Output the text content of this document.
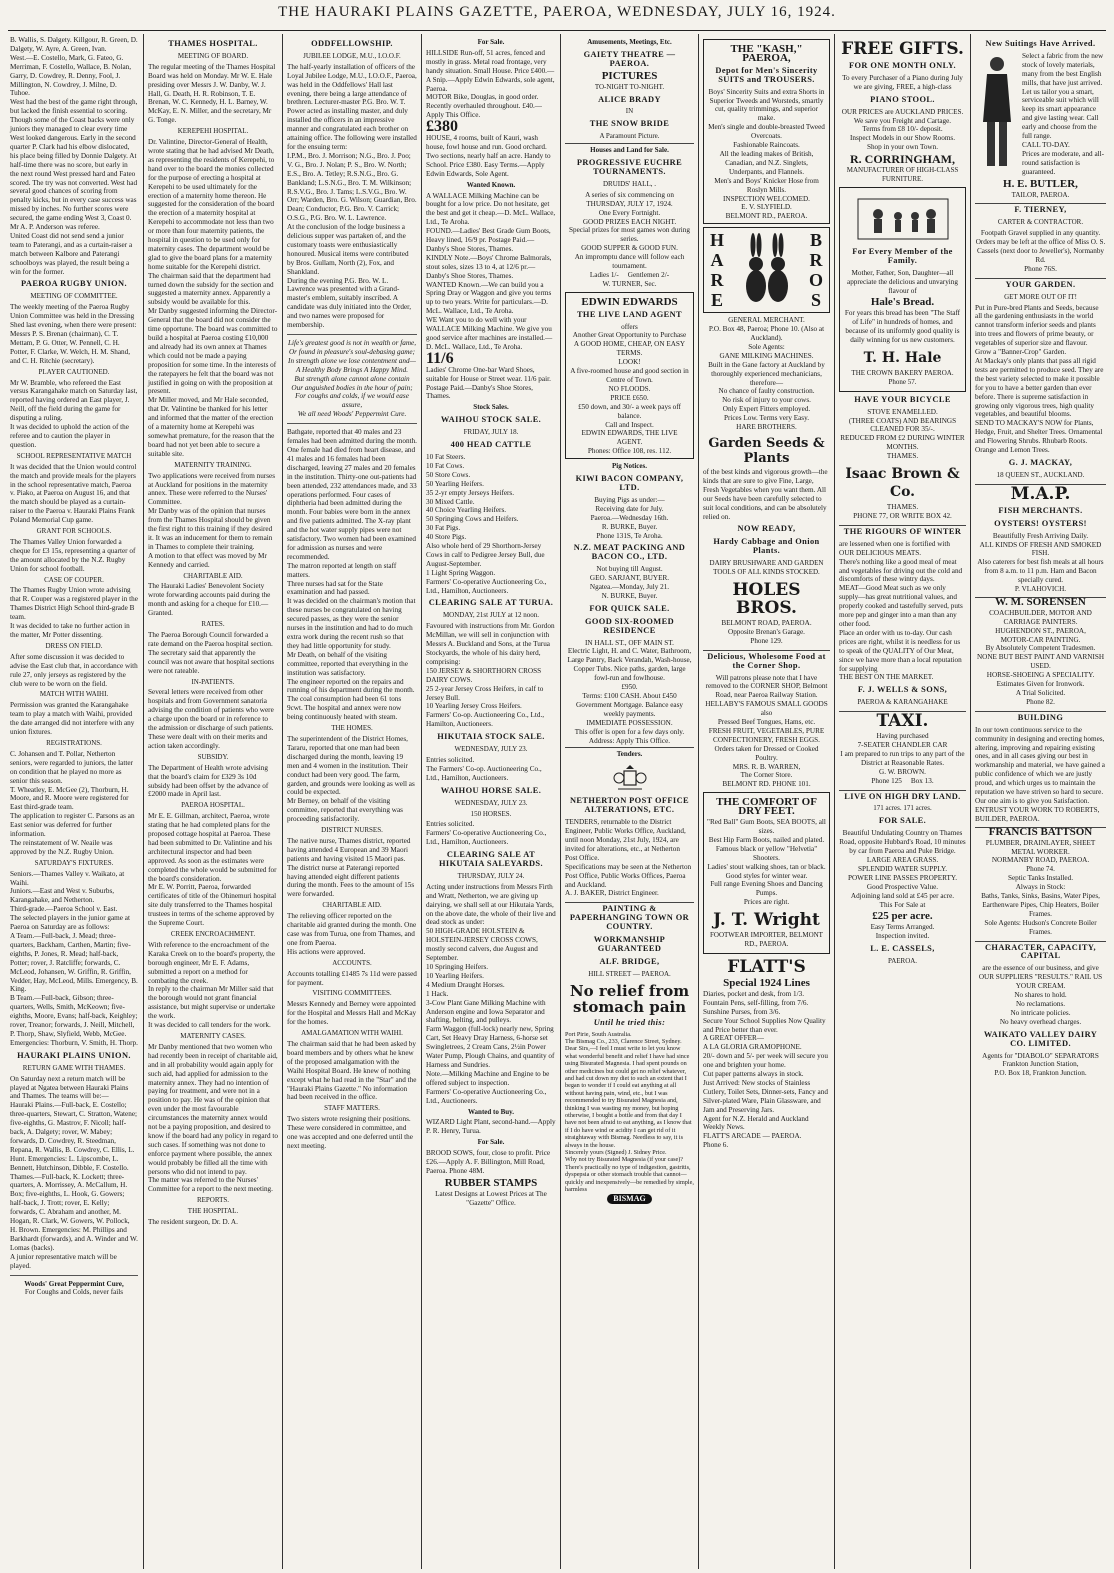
THE HAURAKI PLAINS GAZETTE, PAEROA, WEDNESDAY, JULY 16, 1924.
B. Wallis, S. Dalgety. Killgour, R. Green, D. Dalgety, W. Ayre, A. Green, Ivan.
West.—E. Costello, Mark, G. Fateo, G. Merriman, F. Costello, Wallace, B. Nolan, Garry, D. Cowdrey, R. Denny, Fool, J. Millington, N. Cowdrey, J. Milne, D. Tuhoe.
West had the best of the game right through, but lacked the finish essential to scoring. Though some of the Coast backs were only juniors they managed to clear every time West looked dangerous. Early in the second quarter P. Clark had his elbow dislocated, his place being filled by Donnie Dalgety. At half-time there was no score, but early in the next round West pressed hard and Fateo scored. The try was not converted. West had several good chances of scoring from penalty kicks, but in every case success was missed by inches. No further scores were secured, the game ending West 3, Coast 0. Mr A. P. Anderson was referee.
United Coast did not send send a junior team to Paterangi, and as a curtain-raiser a match between Kalbore and Paterangi schoolboys was played, the result being a win for the former.
PAEROA RUGBY UNION.
MEETING OF COMMITTEE.
The weekly meeting of the Paeroa Rugby Union Committee was held in the Dressing Shed last evening, when there were present: Messrs P. S. Brenan (chairman), C. T. Mettam, P. G. Otter, W. Pennell, C. H. Potter, F. Clarke, W. Welch, H. M. Shand, and C. H. Ritchie (secretary).
PLAYER CAUTIONED.
Mr W. Bramble, who refereed the East versus Karangahake match on Saturday last, reported having ordered an East player, J. Neill, off the field during the game for disputing a ruling.
It was decided to uphold the action of the referee and to caution the player in question.
SCHOOL REPRESENTATIVE MATCH
It was decided that the Union would control the match and provide meals for the players in the school representative match, Paeroa v. Piako, at Paeroa on August 16, and that the match should be played as a curtain-raiser to the Paeroa v. Hauraki Plains Frank Poland Memorial Cup game.
GRANT FOR SCHOOLS.
The Thames Valley Union forwarded a cheque for £3 15s, representing a quarter of the amount allocated by the N.Z. Rugby Union for school football.
CASE OF COUPER.
The Thames Rugby Union wrote advising that R. Couper was a registered player in the Thames District High School third-grade B team.
It was decided to take no further action in the matter, Mr Potter dissenting.
DRESS ON FIELD.
After some discussion it was decided to advise the East club that, in accordance with rule 27, only jerseys as registered by the club were to be worn on the field.
MATCH WITH WAIHI.
Permission was granted the Karangahake team to play a match with Waihi, provided the date arranged did not interfere with any union fixtures.
REGISTRATIONS.
C. Johansen and T. Pollar, Netherton seniors, were regarded to juniors, the latter on condition that he played no more as senior this season.
T. Wheatley, E. McGee (2), Thorburn, H. Moore, and R. Moore were registered for East third-grade team.
The application to register C. Parsons as an East senior was deferred for further information.
The reinstatement of W. Neaile was approved by the N.Z. Rugby Union.
SATURDAY'S FIXTURES.
Seniors.—Thames Valley v. Waikato, at Waihi.
Juniors.—East and West v. Suburbs, Karangahake, and Netherton.
Third-grade.—Paeroa School v. East.
The selected players in the junior game at Paeroa on Saturday are as follows:
A Team.—Full-back, J. Mead; three-quarters, Backham, Carthen, Martin; five-eighths, P. Jones, R. Mead; half-back, Potter; rover, J. Ratcliffe; forwards, C. McLeod, Johansen, W. Griffin, R. Griffin, Vedder, Hay, McLeod, Mills. Emergency, B. King.
B Team.—Full-back, Gibson; three-quarters, Wells, Smith, McKeown; five-eighths, Moore, Evans; half-back, Keighley; rover, Treanor; forwards, J. Neill, Mitchell, P. Thorp, Shaw, Slyfield, Webb, McGee. Emergencies: Thorburn, V. Smith, H. Thorp.
HAURAKI PLAINS UNION.
RETURN GAME WITH THAMES.
On Saturday next a return match will be played at Ngatea between Hauraki Plains and Thames. The teams will be:—
Hauraki Plains.—Full-back, E. Costello; three-quarters, Stewart, C. Stratton, Watene; five-eighths, G. Mastrov, F. Nicoll; half-back, A. Dalgety; rover, W. Mabey; forwards, D. Cowdrey, R. Steedman, Repana, R. Wallis, B. Cowdrey, C. Ellis, L. Hunt. Emergencies: L. Lipscombe, L. Bennett, Hutchinson, Dibble, F. Costello.
Thames.—Full-back, K. Lockett; three-quarters, A. Morrissey, A. McCallum, H. Box; five-eighths, L. Hook, G. Gowers; half-back, J. Trott; rover, E. Kelly; forwards, C. Abraham and another, M. Hogan, R. Clark, W. Gowers, W. Pollock, H. Brown. Emergencies: M. Phillips and Barkhardt (forwards), and A. Winder and W. Lomas (backs).
A junior representative match will be played.
Woods' Great Peppermint Cure,
For Coughs and Colds, never fails
THAMES HOSPITAL.
MEETING OF BOARD.
The regular meeting of the Thames Hospital Board was held on Monday. Mr W. E. Hale presiding over Messrs J. W. Danby, W. J. Hall, G. Death, H. R. Robinson, T. E. Brenan, W. C. Kennedy, H. L. Barney, W. McKay, E. N. Miller, and the secretary, Mr G. Tonge.
KEREPEHI HOSPITAL.
Dr. Valintine, Director-General of Health, wrote stating that he had advised Mr Death, as representing the residents of Kerepehi, to hand over to the board the monies collected for the purpose of erecting a hospital at Kerepehi to be used ultimately for the erection of a maternity home thereon. He suggested for the consideration of the board the erection of a maternity hospital at Kerepehi to accommodate not less than two or more than four maternity patients, the hospital in question to be used only for maternity cases. The department would be glad to give the board plans for a maternity home suitable for the Kerepehi district.
The chairman said that the department had turned down the subsidy for the section and suggested a maternity annex. Apparently a subsidy would be available for this.
Mr Danby suggested informing the Director-General that the board did not consider the time opportune. The board was committed to build a hospital at Paeroa costing £10,000 and already had its own annex at Thames which could not be made a paying proposition for some time. In the interests of the ratepayers he felt that the board was not justified in going on with the proposition at present.
Mr Miller moved, and Mr Hale seconded, that Dr. Valintine be thanked for his letter and informed that the matter of the erection of a maternity home at Kerepehi was somewhat premature, for the reason that the board had not yet been able to secure a suitable site.
MATERNITY TRAINING.
Two applications were received from nurses at Auckland for positions in the maternity annex. These were referred to the Nurses' Committee.
Mr Danby was of the opinion that nurses from the Thames Hospital should be given the first right to this training if they desired it. It was an inducement for them to remain in Thames to complete their training.
A motion to that effect was moved by Mr Kennedy and carried.
CHARITABLE AID.
The Hauraki Ladies' Benevolent Society wrote forwarding accounts paid during the month and asking for a cheque for £10.—Granted.
RATES.
The Paeroa Borough Council forwarded a rate demand on the Paeroa hospital section.
The secretary said that apparently the council was not aware that hospital sections were not rateable.
IN-PATIENTS.
Several letters were received from other hospitals and from Government sanatoria advising the condition of patients who were a charge upon the board or in reference to the admission or discharge of such patients. These were dealt with on their merits and action taken accordingly.
SUBSIDY.
The Department of Health wrote advising that the board's claim for £329 3s 10d subsidy had been offset by the advance of £2000 made in April last.
PAEROA HOSPITAL.
Mr E. E. Gillman, architect, Paeroa, wrote stating that he had completed plans for the proposed cottage hospital at Paeroa. These had been submitted to Dr. Valintine and his architectural inspector and had been approved. As soon as the estimates were completed the whole would be submitted for the board's consideration.
Mr E. W. Porritt, Paeroa, forwarded certificates of title of the Ohinemuri hospital site duly transferred to the Thames hospital trustees in terms of the scheme approved by the Supreme Court.
CREEK ENCROACHMENT.
With reference to the encroachment of the Karaka Creek on to the board's property, the borough engineer, Mr E. F. Adams, submitted a report on a method for combating the creek.
In reply to the chairman Mr Miller said that the borough would not grant financial assistance, but might supervise or undertake the work.
It was decided to call tenders for the work.
MATERNITY CASES.
Mr Danby mentioned that two women who had recently been in receipt of charitable aid, and in all probability would again apply for such aid, had applied for admission to the maternity annex. They had no intention of paying for treatment, and were not in a position to pay. He was of the opinion that even under the most favourable circumstances the maternity annex would not be a paying proposition, and desired to know if the board had any policy in regard to such cases. If something was not done to enforce payment where possible, the annex would probably be filled all the time with persons who did not intend to pay.
The matter was referred to the Nurses' Committee for a report to the next meeting.
REPORTS.
THE HOSPITAL.
The resident surgeon, Dr. D. A.
ODDFELLOWSHIP.
JUBILEE LODGE, M.U., I.O.O.F.
The half-yearly installation of officers of the Loyal Jubilee Lodge, M.U., I.O.O.F., Paeroa, was held in the Oddfellows' Hall last evening, there being a large attendance of brethren. Lecturer-master P.G. Bro. W. T. Power acted as installing master, and duly installed the officers in an impressive manner and congratulated each brother on attaining office. The following were installed for the ensuing term:
I.P.M., Bro. J. Morrison; N.G., Bro. J. Poo; V. G., Bro. J. Nolan; P. S., Bro. W. North; E.S., Bro. A. Tetley; R.S.N.G., Bro. G. Bankland; L.S.N.G., Bro. T. M. Wilkinson; R.S.V.G., Bro. J. Tams; L.S.V.G., Bro. W. Orr; Warden, Bro. G. Wilson; Guardian, Bro. Dean; Conductor, P.G. Bro. V. Carrick; O.S.G., P.G. Bro. W. L. Lawrence.
At the conclusion of the lodge business a delicious supper was partaken of, and the customary toasts were enthusiastically honoured. Musical items were contributed by Bros. Gullam, North (2), Fox, and Shankland.
During the evening P.G. Bro. W. L. Lawrence was presented with a Grand-master's emblem, suitably inscribed. A candidate was duly initiated into the Order, and two names were proposed for membership.
Life's greatest good is not in wealth or fame,
Or found in pleasure's soul-debasing game;
In strength alone we lose contentment and—
A Healthy Body Brings A Happy Mind.
But strength alone cannot alone contain
Our anguished bodies in the hour of pain;
For coughs and colds, if we would ease assure,
We all need Woods' Peppermint Cure.
Bathgate, reported that 40 males and 23 females had been admitted during the month. One female had died from heart disease, and 41 males and 16 females had been discharged, leaving 27 males and 20 females in the institution. Thirty-one out-patients had been attended, 232 attendances made, and 33 operations performed. Four cases of diphtheria had been admitted during the month. Four babies were born in the annex and five patients admitted. The X-ray plant and the hot water supply pipes were not satisfactory. Two women had been examined for admission as nurses and were recommended.
The matron reported at length on staff matters.
Three nurses had sat for the State examination and had passed.
It was decided on the chairman's motion that these nurses be congratulated on having secured passes, as they were the senior nurses in the institution and had to do much extra work during the recent rush so that they had little opportunity for study.
Mr Death, on behalf of the visiting committee, reported that everything in the institution was satisfactory.
The engineer reported on the repairs and running of his department during the month. The coal consumption had been 61 tons 9cwt. The hospital and annex were now being continuously heated with steam.
THE HOMES.
The superintendent of the District Homes, Tararu, reported that one man had been discharged during the month, leaving 19 men and 4 women in the institution. Their conduct had been very good. The farm, garden, and grounds were looking as well as could be expected.
Mr Berney, on behalf of the visiting committee, reported that everything was proceeding satisfactorily.
DISTRICT NURSES.
The native nurse, Thames district, reported having attended 4 European and 39 Maori patients and having visited 15 Maori pas.
The district nurse at Paterangi reported having attended eight different patients during the month. Fees to the amount of 15s were forwarded.
CHARITABLE AID.
The relieving officer reported on the charitable aid granted during the month. One case was from Turua, one from Thames, and one from Paeroa.
His actions were approved.
ACCOUNTS.
Accounts totalling £1485 7s 11d were passed for payment.
VISITING COMMITTEES.
Messrs Kennedy and Berney were appointed for the Hospital and Messrs Hall and McKay for the homes.
AMALGAMATION WITH WAIHI.
The chairman said that he had been asked by board members and by others what he knew of the proposed amalgamation with the Waihi Hospital Board. He knew of nothing except what he had read in the "Star" and the "Hauraki Plains Gazette." No information had been received in the office.
STAFF MATTERS.
Two sisters wrote resigning their positions. These were considered in committee, and one was accepted and one deferred until the next meeting.
For Sale.
HILLSIDE Run-off, 51 acres, fenced and mostly in grass. Metal road frontage, very handy situation. Small House. Price £400.—A Snip.—Apply Edwin Edwards, sole agent, Paeroa.
MOTOR Bike, Douglas, in good order. Recently overhauled throughout. £40.—Apply This Office.
£380
HOUSE, 4 rooms, built of Kauri, wash house, fowl house and run. Good orchard. Two sections, nearly half an acre. Handy to School. Price £380. Easy Terms.—Apply Edwin Edwards, Sole Agent.
Wanted Known.
A WALLACE Milking Machine can be bought for a low price. Do not hesitate, get the best and get it cheap.—D. McL. Wallace, Ltd., Te Aroha.
FOUND.—Ladies' Best Grade Gum Boots, Heavy lined, 16/9 pr. Postage Paid.—Danby's Shoe Stores, Thames.
KINDLY Note.—Boys' Chrome Balmorals, stout soles, sizes 13 to 4, at 12/6 pr.—Danby's Shoe Stores, Thames.
WANTED Known.—We can build you a Spring Dray or Waggon and give you terms up to two years. Write for particulars.—D. McL. Wallace, Ltd., Te Aroha.
WE Want you to do well with your WALLACE Milking Machine. We give you good service after machines are installed.—D. McL. Wallace, Ltd., Te Aroha.
11/6
Ladies' Chrome One-bar Ward Shoes, suitable for House or Street wear. 11/6 pair. Postage Paid.—Danby's Shoe Stores, Thames.
Stock Sales.
WAIHOU STOCK SALE.
FRIDAY, JULY 18.
400 HEAD CATTLE
10 Fat Steers.
10 Fat Cows.
50 Store Cows.
50 Yearling Heifers.
35 2-yr empty Jerseys Heifers.
30 Mixed Cattle.
40 Choice Yearling Heifers.
50 Springing Cows and Heifers.
30 Fat Pigs.
40 Store Pigs.
Also whole herd of 29 Shorthorn-Jersey Cows in calf to Pedigree Jersey Bull, due August-September.
1 Light Spring Waggon.
Farmers' Co-operative Auctioneering Co., Ltd., Hamilton, Auctioneers.
CLEARING SALE AT TURUA.
MONDAY, 21st JULY at 12 noon.
Favoured with instructions from Mr. Gordon McMillan, we will sell in conjunction with Messrs A. Buckland and Sons, at the Turua Stockyards, the whole of his dairy herd, comprising:
150 JERSEY & SHORTHORN CROSS DAIRY COWS.
25 2-year Jersey Cross Heifers, in calf to Jersey Bull.
10 Yearling Jersey Cross Heifers.
Farmers' Co-op. Auctioneering Co., Ltd., Hamilton, Auctioneers.
HIKUTAIA STOCK SALE.
WEDNESDAY, JULY 23.
Entries solicited.
The Farmers' Co-op. Auctioneering Co., Ltd., Hamilton, Auctioneers.
WAIHOU HORSE SALE.
WEDNESDAY, JULY 23.
150 HORSES.
Entries solicited.
Farmers' Co-operative Auctioneering Co., Ltd., Hamilton, Auctioneers.
CLEARING SALE AT HIKUTAIA SALEYARDS.
THURSDAY, JULY 24.
Acting under instructions from Messrs Firth and Wratt, Netherton, we are giving up dairying, we shall sell at our Hikutaia Yards, on the above date, the whole of their live and dead stock as under:
50 HIGH-GRADE HOLSTEIN & HOLSTEIN-JERSEY CROSS COWS, mostly second calvers, due August and September.
10 Springing Heifers.
10 Yearling Heifers.
4 Medium Draught Horses.
1 Hack.
3-Cow Plant Gane Milking Machine with Anderson engine and Iowa Separator and shafting, belting, and pulleys.
Farm Waggon (full-lock) nearly new, Spring Cart, Set Heavy Dray Harness, 6-horse set Swingletrees, 2 Cream Cans, 2½in Power Water Pump, Plough Chains, and quantity of Harness and Sundries.
Note.—Milking Machine and Engine to be offered subject to inspection.
Farmers' Co-operative Auctioneering Co., Ltd., Auctioneers.
Wanted to Buy.
WIZARD Light Plant, second-hand.—Apply P. R. Henry, Turua.
For Sale.
BROOD SOWS, four, close to profit. Price £26.—Apply A. F. Billington, Mill Road, Paeroa. Phone 48M.
RUBBER STAMPS
Latest Designs at Lowest Prices at The "Gazette" Office.
Amusements, Meetings, Etc.
GAIETY THEATRE — PAEROA.
PICTURES
TO-NIGHT TO-NIGHT.
ALICE BRADY
IN
THE SNOW BRIDE
A Paramount Picture.
Houses and Land for Sale.
PROGRESSIVE EUCHRE TOURNAMENTS.
DRUIDS' HALL, .
A series of six commencing on THURSDAY, JULY 17, 1924.
One Every Fortnight.
GOOD PRIZES EACH NIGHT.
Special prizes for most games won during series.
GOOD SUPPER & GOOD FUN.
An impromptu dance will follow each tournament.
Ladies 1/-     Gentlemen 2/-
W. TURNER, Sec.
EDWIN EDWARDS
THE LIVE LAND AGENT
offers
Another Great Opportunity to Purchase
A GOOD HOME, CHEAP, ON EASY TERMS.
LOOK!
A five-roomed house and good section in Centre of Town.
NO FLOODS.
PRICE £650.
£50 down, and 30/- a week pays off balance.
Call and Inspect.
EDWIN EDWARDS, THE LIVE AGENT.
Phones: Office 108, res. 112.
Pig Notices.
KIWI BACON COMPANY, LTD.
Buying Pigs as under:—
Receiving date for July.
Paeroa.—Wednesday 16th.
R. BURKE, Buyer.
Phone 131S, Te Aroha.
N.Z. MEAT PACKING AND BACON CO., LTD.
Not buying till August.
GEO. SARJANT, BUYER.
Ngatea.—Monday, July 21.
N. BURKE, Buyer.
FOR QUICK SALE.
GOOD SIX-ROOMED RESIDENCE
IN HALL ST., OFF MAIN ST.
Electric Light, H. and C. Water, Bathroom, Large Pantry, Back Verandah, Wash-house, Copper Tubs. Nice paths, garden, large fowl-run and fowlhouse.
£950.
Terms: £100 CASH. About £450 Government Mortgage. Balance easy weekly payments.
IMMEDIATE POSSESSION.
This offer is open for a few days only.
Address: Apply This Office.
Tenders.
NETHERTON POST OFFICE ALTERATIONS, ETC.
TENDERS, returnable to the District Engineer, Public Works Office, Auckland, until noon Monday, 21st July, 1924, are invited for alterations, etc., at Netherton Post Office.
Specifications may be seen at the Netherton Post Office, Public Works Offices, Paeroa and Auckland.
A. J. BAKER, District Engineer.
PAINTING & PAPERHANGING TOWN OR COUNTRY.
WORKMANSHIP GUARANTEED
ALF. BRIDGE,
HILL STREET — PAEROA.
No relief from stomach pain
Until he tried this:
Port Pirie, South Australia.
The Bismag Co., 233, Clarence Street, Sydney.
Dear Sirs,—I feel I must write to let you know what wonderful benefit and relief I have had since using Bisurated Magnesia. I had spent pounds on other medicines but could get no relief whatever, and had cut down my diet to such an extent that I began to wonder if I could eat anything at all without having pain, wind, etc., but I was recommended to try Bisurated Magnesia and, thinking I was wasting my money, but hoping otherwise, I bought a bottle and from that day I have not been afraid to eat anything, as I know that if I do have wind or acidity I can get rid of it straightaway with Bismag. Needless to say, it is always in the house.
Sincerely yours (Signed) J. Sidney Price.
Why not try Bisurated Magnesia (if your case)? There's practically no type of indigestion, gastritis, dyspepsia or other stomach trouble that cannot—quickly and inexpensively—be remedied by simple, harmless
BISMAG
THE "KASH," PAEROA,
Depot for Men's Sincerity SUITS and TROUSERS.
Boys' Sincerity Suits and extra Shorts in Superior Tweeds and Worsteds, smartly cut, quality trimmings, and superior make.
Men's single and double-breasted Tweed Overcoats.
Fashionable Raincoats.
All the leading makes of British, Canadian, and N.Z. Singlets, Underpants, and Flannels.
Men's and Boys' Knicker Hose from Roslyn Mills.
INSPECTION WELCOMED.
E. V. SLYFIELD.
BELMONT RD., PAEROA.
HARE
BROS
GENERAL MERCHANT.
P.O. Box 48, Paeroa; Phone 10. (Also at Auckland).
Sole Agents:
GANE MILKING MACHINES.
Built in the Gane factory at Auckland by thoroughly experienced mechanicians, therefore—
No chance of faulty construction.
No risk of injury to your cows.
Only Expert Fitters employed.
Prices Low. Terms very Easy.
HARE BROTHERS.
Garden Seeds & Plants
of the best kinds and vigorous growth—the kinds that are sure to give Fine, Large, Fresh Vegetables when you want them. All our Seeds have been carefully selected to suit local conditions, and can be absolutely relied on.
NOW READY,
Hardy Cabbage and Onion Plants.
DAIRY BRUSHWARE AND GARDEN TOOLS OF ALL KINDS STOCKED.
HOLES BROS.
BELMONT ROAD, PAEROA.
Opposite Brenan's Garage.
Phone 129.
Delicious, Wholesome Food at the Corner Shop.
Will patrons please note that I have removed to the CORNER SHOP, Belmont Road, near Paeroa Railway Station.
HELLABY'S FAMOUS SMALL GOODS also
Pressed Beef Tongues, Hams, etc.
FRESH FRUIT, VEGETABLES, PURE CONFECTIONERY, FRESH EGGS.
Orders taken for Dressed or Cooked Poultry.
MRS. R. B. WARREN,
The Corner Store.
BELMONT RD. PHONE 101.
THE COMFORT OF DRY FEET.
"Red Ball" Gum Boots, SEA BOOTS, all sizes.
Best Hip Farm Boots, nailed and plated.
Famous black or yellow "Helvetia" Shooters.
Ladies' stout walking shoes, tan or black.
Good styles for winter wear.
Full range Evening Shoes and Dancing Pumps.
Prices are right.
J. T. Wright
FOOTWEAR IMPORTER, BELMONT RD., PAEROA.
FLATT'S
Special 1924 Lines
Diaries, pocket and desk, from 1/3.
Fountain Pens, self-filling, from 7/6.
Sunshine Purses, from 3/6.
Secure Your School Supplies Now Quality and Price better than ever.
A GREAT OFFER—
A LA GLORIA GRAMOPHONE.
20/- down and 5/- per week will secure you one and brighten your home.
Cut paper patterns always in stock.
Just Arrived: New stocks of Stainless Cutlery, Toilet Sets, Dinner-sets, Fancy and Silver-plated Ware, Plain Glassware, and Jam and Preserving Jars.
Agent for N.Z. Herald and Auckland Weekly News.
FLATT'S ARCADE — PAEROA.
Phone 6.
FREE GIFTS.
FOR ONE MONTH ONLY.
To every Purchaser of a Piano during July we are giving, FREE, a high-class
PIANO STOOL.
OUR PRICES are AUCKLAND PRICES.
We save you Freight and Cartage.
Terms from £8 10/- deposit.
Inspect Models in our Show Rooms.
Shop in your own Town.
R. CORRINGHAM,
MANUFACTURER OF HIGH-CLASS FURNITURE.
For Every Member of the Family.
Mother, Father, Son, Daughter—all appreciate the delicious and unvarying flavour of
Hale's Bread.
For years this bread has been "The Staff of Life" in hundreds of homes, and because of its uniformly good quality is daily winning for us new customers.
T. H. Hale
THE CROWN BAKERY PAEROA. Phone 57.
HAVE YOUR BICYCLE
STOVE ENAMELLED.
(THREE COATS) AND BEARINGS CLEANED FOR 35/-.
REDUCED FROM £2 DURING WINTER MONTHS.
THAMES.
Isaac Brown & Co.
THAMES.
PHONE 77, OR WRITE BOX 42.
THE RIGOURS OF WINTER
are lessened when one is fortified with OUR DELICIOUS MEATS.
There's nothing like a good meal of meat and vegetables for driving out the cold and discomforts of these wintry days.
MEAT—Good Meat such as we only supply—has great nutritional values, and properly cooked and tastefully served, puts more pep and ginger into a man than any other food.
Place an order with us to-day. Our cash prices are right, whilst it is needless for us to speak of the QUALITY of Our Meat, since we have more than a local reputation for supplying
THE BEST ON THE MARKET.
F. J. WELLS & SONS,
PAEROA & KARANGAHAKE
TAXI.
Having purchased
7-SEATER CHANDLER CAR
I am prepared to run trips to any part of the District at Reasonable Rates.
G. W. BROWN.
Phone 125     Box 13.
LIVE ON HIGH DRY LAND.
171 acres. 171 acres.
FOR SALE.
Beautiful Undulating Country on Thames Road, opposite Hubbard's Road, 10 minutes by car from Paeroa and Puke Bridge.
LARGE AREA GRASS.
SPLENDID WATER SUPPLY.
POWER LINE PASSES PROPERTY.
Good Prospective Value.
Adjoining land sold at £45 per acre.
This For Sale at
£25 per acre.
Easy Terms Arranged.
Inspection invited.
L. E. CASSELS,
PAEROA.
New Suitings Have Arrived.
Select a fabric from the new stock of lovely materials, many from the best English mills, that have just arrived.
Let us tailor you a smart, serviceable suit which will keep its smart appearance and give lasting wear. Call early and choose from the full range.
CALL TO-DAY.
Prices are moderate, and all-round satisfaction is guaranteed.
H. E. BUTLER,
TAILOR, PAEROA.
F. TIERNEY,
CARTER & CONTRACTOR.
Footpath Gravel supplied in any quantity.
Orders may be left at the office of Miss O. S. Cassels (next door to Jeweller's), Normanby Rd.
Phone 76S.
YOUR GARDEN.
GET MORE OUT OF IT!
Put in Pure-bred Plants and Seeds, because all the gardening enthusiasts in the world cannot transform inferior seeds and plants into trees and flowers of prime beauty, or vegetables of superior size and flavour.
Grow a "Banner-Crop" Garden.
At Mackay's only plants that pass all rigid tests are permitted to produce seed. They are the best variety selected to make it possible for you to have a better garden than ever before. There is supreme satisfaction in growing only vigorous trees, high quality vegetables, and beautiful blooms.
SEND TO MACKAY'S NOW for Plants, Hedge, Fruit, and Shelter Trees. Ornamental and Flowering Shrubs. Rhubarb Roots. Orange and Lemon Trees.
G. J. MACKAY,
18 QUEEN ST., AUCKLAND.
M.A.P.
FISH MERCHANTS.
OYSTERS! OYSTERS!
Beautifully Fresh Arriving Daily.
ALL KINDS OF FRESH AND SMOKED FISH.
Also caterers for best fish meals at all hours from 8 a.m. to 11 p.m. Ham and Bacon specially cured.
P. VLAHOVICH.
W. M. SORENSEN
COACHBUILDER, MOTOR AND CARRIAGE PAINTERS.
HUGHENDON ST., PAEROA,
MOTOR-CAR PAINTING.
By Absolutely Competent Tradesmen.
NONE BUT BEST PAINT AND VARNISH USED.
HORSE-SHOEING A SPECIALITY.
Estimates Given for Ironwork.
A Trial Solicited.
Phone 82.
BUILDING
In our town continuous service to the community in designing and erecting homes, altering, improving and repairing existing ones, and in all cases giving our best in workmanship and material, we have gained a public confidence of which we are justly proud, and which urges us to maintain the reputation we have striven so hard to secure.
Our one aim is to give you Satisfaction.
ENTRUST YOUR WORK TO ROBERTS, BUILDER, PAEROA.
FRANCIS BATTSON
PLUMBER, DRAINLAYER, SHEET METAL WORKER.
NORMANBY ROAD, PAEROA.
Phone 74.
Septic Tanks Installed.
Always in Stock:
Baths, Tanks, Sinks, Basins, Water Pipes, Earthenware Pipes, Chip Heaters, Boiler Frames.
Sole Agents: Hudson's Concrete Boiler Frames.
CHARACTER, CAPACITY, CAPITAL
are the essence of our business, and give OUR SUPPLIERS "RESULTS." RAIL US YOUR CREAM.
No shares to hold.
No reclamations.
No intricate policies.
No heavy overhead charges.
WAIKATO VALLEY DAIRY CO. LIMITED.
Agents for "DIABOLO" SEPARATORS
Frankton Junction Station,
P.O. Box 18, Frankton Junction.
